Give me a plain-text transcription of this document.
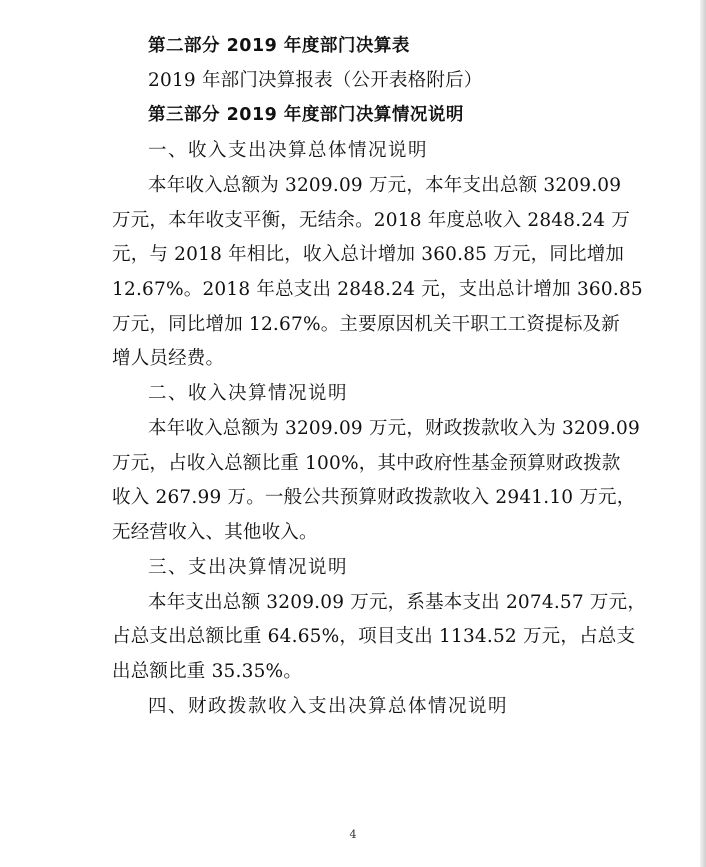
第二部分 2019 年度部门决算表
2019 年部门决算报表（公开表格附后）
第三部分 2019 年度部门决算情况说明
一、收入支出决算总体情况说明
本年收入总额为 3209.09 万元，本年支出总额 3209.09
万元，本年收支平衡，无结余。2018 年度总收入 2848.24 万
元，与 2018 年相比，收入总计增加 360.85 万元，同比增加
12.67%。2018 年总支出 2848.24 元，支出总计增加 360.85
万元，同比增加 12.67%。主要原因机关干职工工资提标及新
增人员经费。
二、收入决算情况说明
本年收入总额为 3209.09 万元，财政拨款收入为 3209.09
万元，占收入总额比重 100%，其中政府性基金预算财政拨款
收入 267.99 万。一般公共预算财政拨款收入 2941.10 万元，
无经营收入、其他收入。
三、支出决算情况说明
本年支出总额 3209.09 万元，系基本支出 2074.57 万元，
占总支出总额比重 64.65%，项目支出 1134.52 万元，占总支
出总额比重 35.35%。
四、财政拨款收入支出决算总体情况说明
4
